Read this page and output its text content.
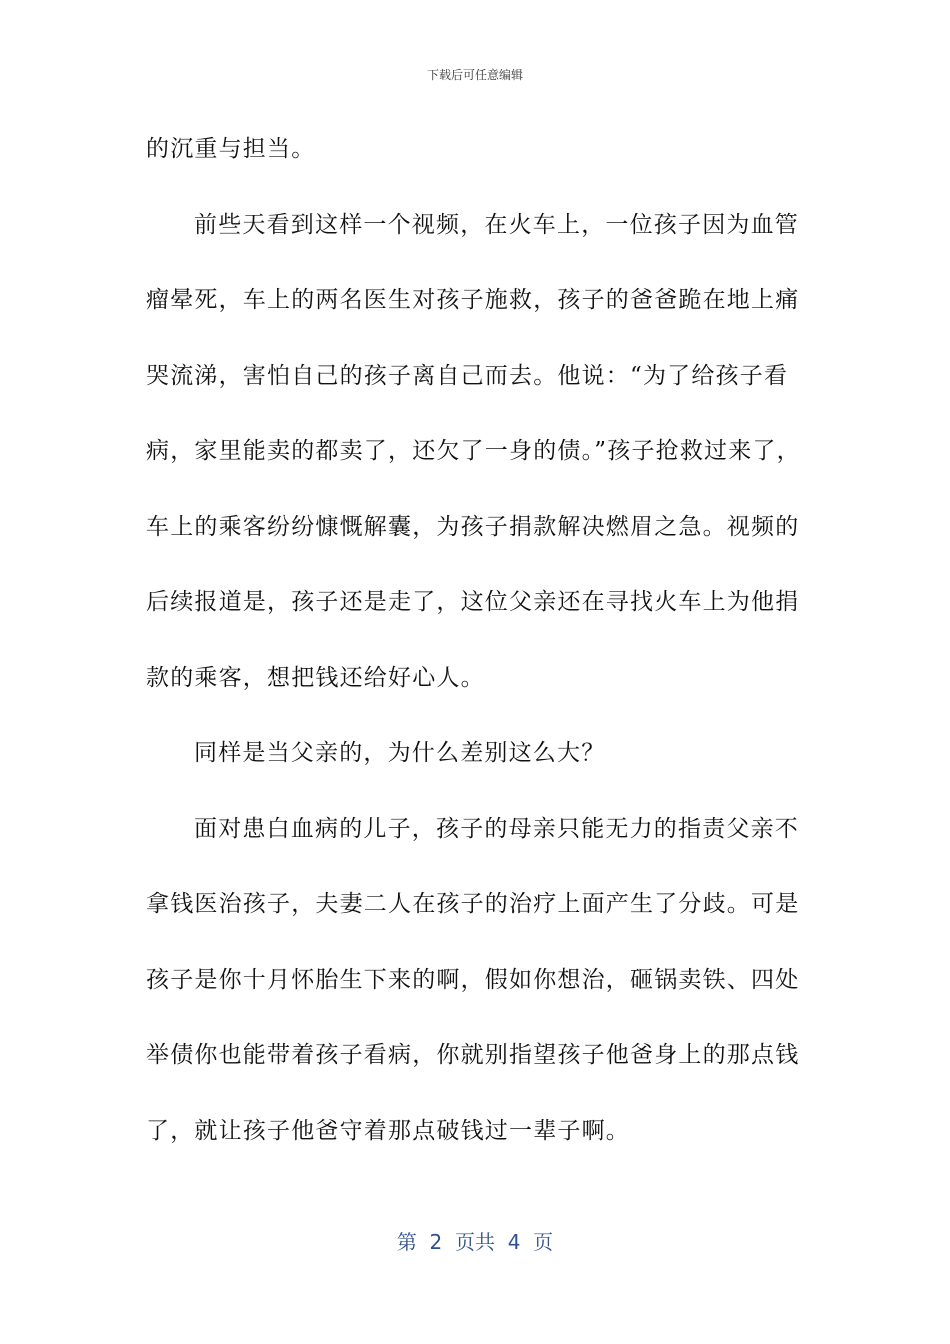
下载后可任意编辑
的沉重与担当。
前些天看到这样一个视频，在火车上，一位孩子因为血管
瘤晕死，车上的两名医生对孩子施救，孩子的爸爸跪在地上痛
哭流涕，害怕自己的孩子离自己而去。他说：“为了给孩子看
病，家里能卖的都卖了，还欠了一身的债。”孩子抢救过来了，
车上的乘客纷纷慷慨解囊，为孩子捐款解决燃眉之急。视频的
后续报道是，孩子还是走了，这位父亲还在寻找火车上为他捐
款的乘客，想把钱还给好心人。
同样是当父亲的，为什么差别这么大？
面对患白血病的儿子，孩子的母亲只能无力的指责父亲不
拿钱医治孩子，夫妻二人在孩子的治疗上面产生了分歧。可是
孩子是你十月怀胎生下来的啊，假如你想治，砸锅卖铁、四处
举债你也能带着孩子看病，你就别指望孩子他爸身上的那点钱
了，就让孩子他爸守着那点破钱过一辈子啊。
第  2  页共  4  页
